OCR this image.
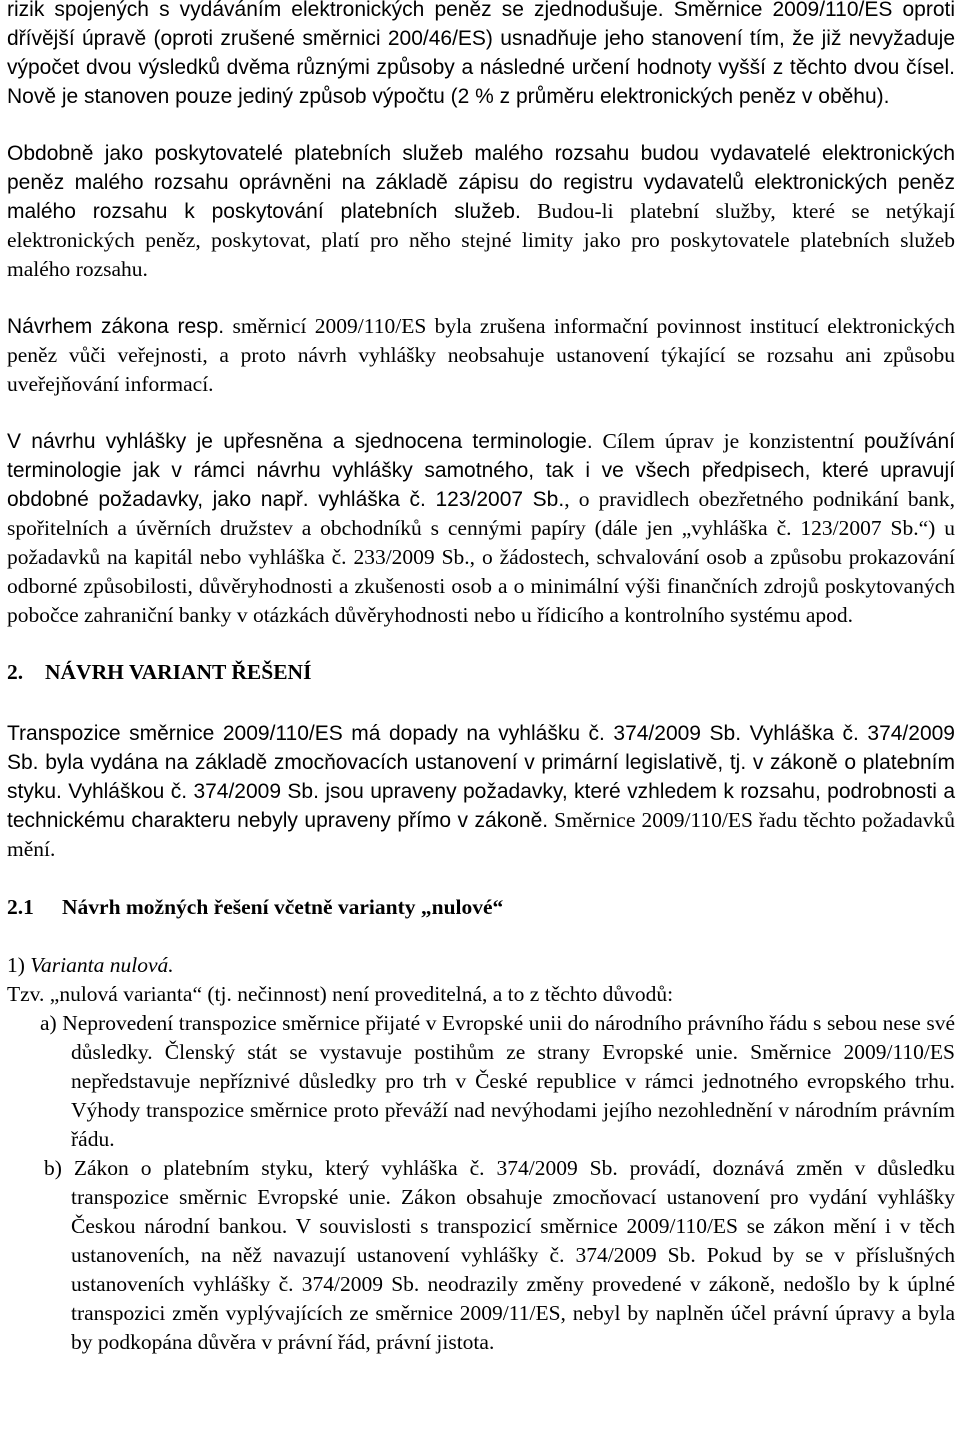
rizik spojených s vydáváním elektronických peněz se zjednodušuje. Směrnice 2009/110/ES oproti dřívější úpravě (oproti zrušené směrnici 200/46/ES) usnadňuje jeho stanovení tím, že již nevyžaduje výpočet dvou výsledků dvěma různými způsoby a následné určení hodnoty vyšší z těchto dvou čísel. Nově je stanoven pouze jediný způsob výpočtu (2 % z průměru elektronických peněz v oběhu).

Obdobně jako poskytovatelé platebních služeb malého rozsahu budou vydavatelé elektronických peněz malého rozsahu oprávněni na základě zápisu do registru vydavatelů elektronických peněz malého rozsahu k poskytování platebních služeb. Budou-li platební služby, které se netýkají elektronických peněz, poskytovat, platí pro něho stejné limity jako pro poskytovatele platebních služeb malého rozsahu.

Návrhem zákona resp. směrnicí 2009/110/ES byla zrušena informační povinnost institucí elektronických peněz vůči veřejnosti, a proto návrh vyhlášky neobsahuje ustanovení týkající se rozsahu ani způsobu uveřejňování informací.

V návrhu vyhlášky je upřesněna a sjednocena terminologie. Cílem úprav je konzistentní používání terminologie jak v rámci návrhu vyhlášky samotného, tak i ve všech předpisech, které upravují obdobné požadavky, jako např. vyhláška č. 123/2007 Sb., o pravidlech obezřetného podnikání bank, spořitelních a úvěrních družstev a obchodníků s cennými papíry (dále jen „vyhláška č. 123/2007 Sb.“) u požadavků na kapitál nebo vyhláška č. 233/2009 Sb., o žádostech, schvalování osob a způsobu prokazování odborné způsobilosti, důvěryhodnosti a zkušenosti osob a o minimální výši finančních zdrojů poskytovaných pobočce zahraniční banky v otázkách důvěryhodnosti nebo u řídicího a kontrolního systému apod.

2. NÁVRH VARIANT ŘEŠENÍ

Transpozice směrnice 2009/110/ES má dopady na vyhlášku č. 374/2009 Sb. Vyhláška č. 374/2009 Sb. byla vydána na základě zmocňovacích ustanovení v primární legislativě, tj. v zákoně o platebním styku. Vyhláškou č. 374/2009 Sb. jsou upraveny požadavky, které vzhledem k rozsahu, podrobnosti a technickému charakteru nebyly upraveny přímo v zákoně. Směrnice 2009/110/ES řadu těchto požadavků mění.

2.1 Návrh možných řešení včetně varianty „nulové“
1) Varianta nulová.
Tzv. „nulová varianta“ (tj. nečinnost) není proveditelná, a to z těchto důvodů:
a) Neprovedení transpozice směrnice přijaté v Evropské unii do národního právního řádu s sebou nese své důsledky. Členský stát se vystavuje postihům ze strany Evropské unie. Směrnice 2009/110/ES nepředstavuje nepříznivé důsledky pro trh v České republice v rámci jednotného evropského trhu. Výhody transpozice směrnice proto převáží nad nevýhodami jejího nezohlednění v národním právním řádu.
b) Zákon o platebním styku, který vyhláška č. 374/2009 Sb. provádí, doznává změn v důsledku transpozice směrnic Evropské unie. Zákon obsahuje zmocňovací ustanovení pro vydání vyhlášky Českou národní bankou. V souvislosti s transpozicí směrnice 2009/110/ES se zákon mění i v těch ustanoveních, na něž navazují ustanovení vyhlášky č. 374/2009 Sb. Pokud by se v příslušných ustanoveních vyhlášky č. 374/2009 Sb. neodrazily změny provedené v zákoně, nedošlo by k úplné transpozici změn vyplývajících ze směrnice 2009/11/ES, nebyl by naplněn účel právní úpravy a byla by podkopána důvěra v právní řád, právní jistota.
